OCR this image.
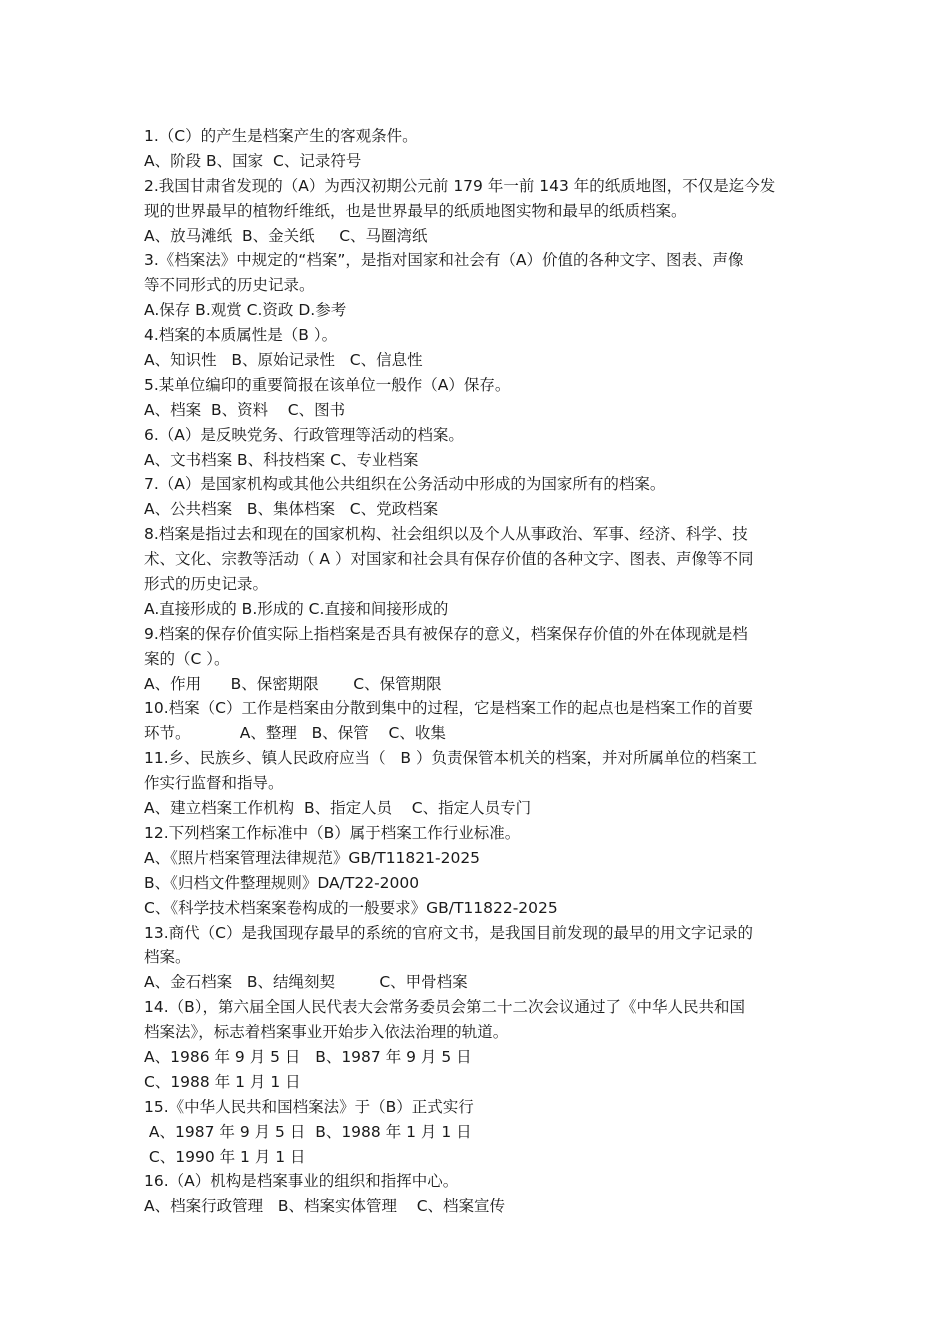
1.（C）的产生是档案产生的客观条件。

A、阶段 B、国家  C、记录符号

2.我国甘肃省发现的（A）为西汉初期公元前 179 年一前 143 年的纸质地图，不仅是迄今发

现的世界最早的植物纤维纸，也是世界最早的纸质地图实物和最早的纸质档案。

A、放马滩纸  B、金关纸     C、马圈湾纸

3.《档案法》中规定的“档案”，是指对国家和社会有（A）价值的各种文字、图表、声像

等不同形式的历史记录。

A.保存 B.观赏 C.资政 D.参考

4.档案的本质属性是（B ）。

A、知识性   B、原始记录性   C、信息性

5.某单位编印的重要简报在该单位一般作（A）保存。

A、档案  B、资料    C、图书

6.（A）是反映党务、行政管理等活动的档案。

A、文书档案 B、科技档案 C、专业档案

7.（A）是国家机构或其他公共组织在公务活动中形成的为国家所有的档案。

A、公共档案   B、集体档案   C、党政档案

8.档案是指过去和现在的国家机构、社会组织以及个人从事政治、军事、经济、科学、技

术、文化、宗教等活动（ A ）对国家和社会具有保存价值的各种文字、图表、声像等不同

形式的历史记录。

A.直接形成的 B.形成的 C.直接和间接形成的

9.档案的保存价值实际上指档案是否具有被保存的意义，档案保存价值的外在体现就是档

案的（C ）。

A、作用      B、保密期限       C、保管期限

10.档案（C）工作是档案由分散到集中的过程，它是档案工作的起点也是档案工作的首要

环节。          A、整理   B、保管    C、收集

11.乡、民族乡、镇人民政府应当（   B ）负责保管本机关的档案，并对所属单位的档案工

作实行监督和指导。

A、建立档案工作机构  B、指定人员    C、指定人员专门

12.下列档案工作标准中（B）属于档案工作行业标准。

A、《照片档案管理法律规范》GB/T11821-2025

B、《归档文件整理规则》DA/T22-2000

C、《科学技术档案案卷构成的一般要求》GB/T11822-2025

13.商代（C）是我国现存最早的系统的官府文书，是我国目前发现的最早的用文字记录的

档案。

A、金石档案   B、结绳刻契         C、甲骨档案

14.（B），第六届全国人民代表大会常务委员会第二十二次会议通过了《中华人民共和国

档案法》，标志着档案事业开始步入依法治理的轨道。

A、1986 年 9 月 5 日   B、1987 年 9 月 5 日

C、1988 年 1 月 1 日

15.《中华人民共和国档案法》于（B）正式实行

A、1987 年 9 月 5 日  B、1988 年 1 月 1 日

C、1990 年 1 月 1 日

16.（A）机构是档案事业的组织和指挥中心。

A、档案行政管理   B、档案实体管理    C、档案宣传
